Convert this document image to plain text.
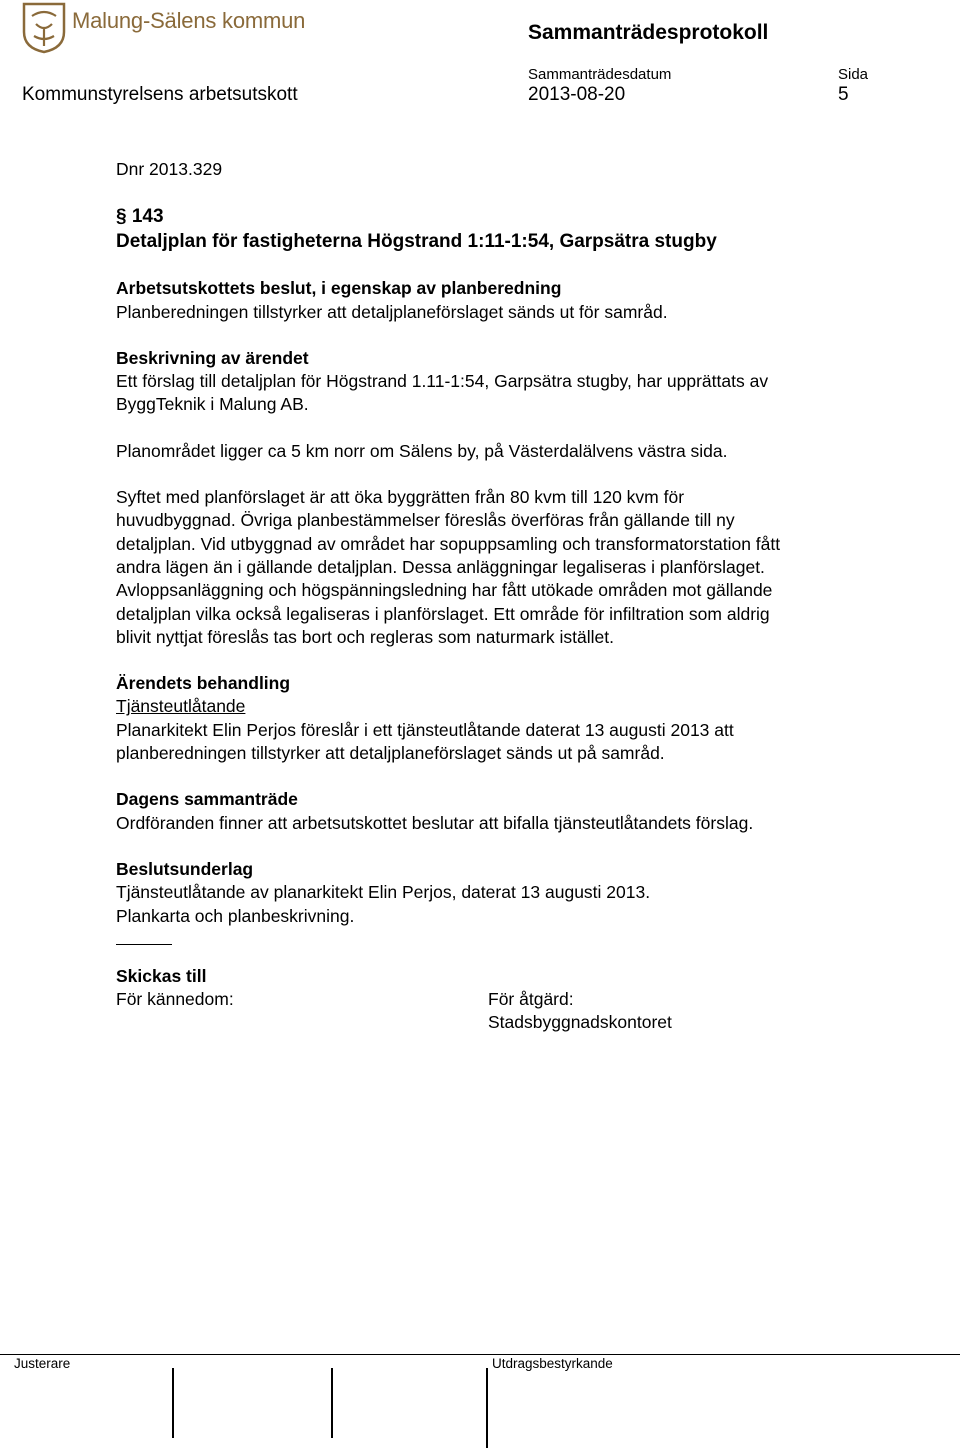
Malung-Sälens kommun	Sammanträdesprotokoll
Sammanträdesdatum	Sida
Kommunstyrelsens arbetsutskott	2013-08-20	5

Dnr 2013.329

§ 143

Detaljplan för fastigheterna Högstrand 1:11-1:54, Garpsätra stugby

Arbetsutskottets beslut, i egenskap av planberedning

Planberedningen tillstyrker att detaljplaneförslaget sänds ut för samråd.

Beskrivning av ärendet

Ett förslag till detaljplan för Högstrand 1.11-1:54, Garpsätra stugby, har upprättats av

ByggTeknik i Malung AB.

Planområdet ligger ca 5 km norr om Sälens by, på Västerdalälvens västra sida.

Syftet med planförslaget är att öka byggrätten från 80 kvm till 120 kvm för

huvudbyggnad. Övriga planbestämmelser föreslås överföras från gällande till ny

detaljplan. Vid utbyggnad av området har sopuppsamling och transformatorstation fått

andra lägen än i gällande detaljplan. Dessa anläggningar legaliseras i planförslaget.

Avloppsanläggning och högspänningsledning har fått utökade områden mot gällande

detaljplan vilka också legaliseras i planförslaget. Ett område för infiltration som aldrig

blivit nyttjat föreslås tas bort och regleras som naturmark istället.

Ärendets behandling

Tjänsteutlåtande

Planarkitekt Elin Perjos föreslår i ett tjänsteutlåtande daterat 13 augusti 2013 att

planberedningen tillstyrker att detaljplaneförslaget sänds ut på samråd.

Dagens sammanträde

Ordföranden finner att arbetsutskottet beslutar att bifalla tjänsteutlåtandets förslag.

Beslutsunderlag

Tjänsteutlåtande av planarkitekt Elin Perjos, daterat 13 augusti 2013.

Plankarta och planbeskrivning.

Skickas till

För kännedom:	För åtgärd:
Stadsbyggnadskontoret
Justerare	Utdragsbestyrkande
